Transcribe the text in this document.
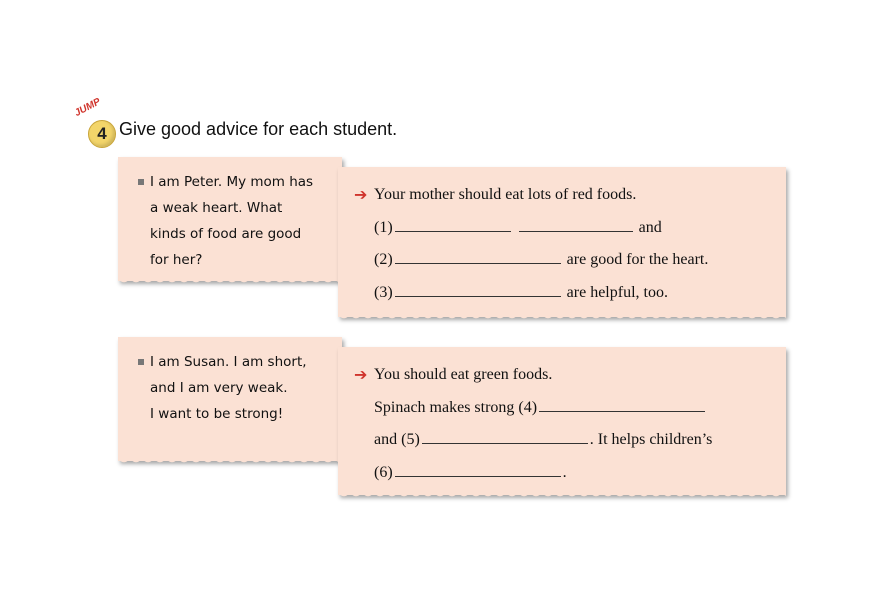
JUMP
4 Give good advice for each student.
I am Peter. My mom has
a weak heart. What
kinds of food are good
for her?
➔ Your mother should eat lots of red foods.
(1)	and
(2)	are good for the heart.
(3)	are helpful, too.
I am Susan. I am short,
and I am very weak.
I want to be strong!
➔ You should eat green foods.
Spinach makes strong (4)
and (5)	. It helps children’s
(6)	.
